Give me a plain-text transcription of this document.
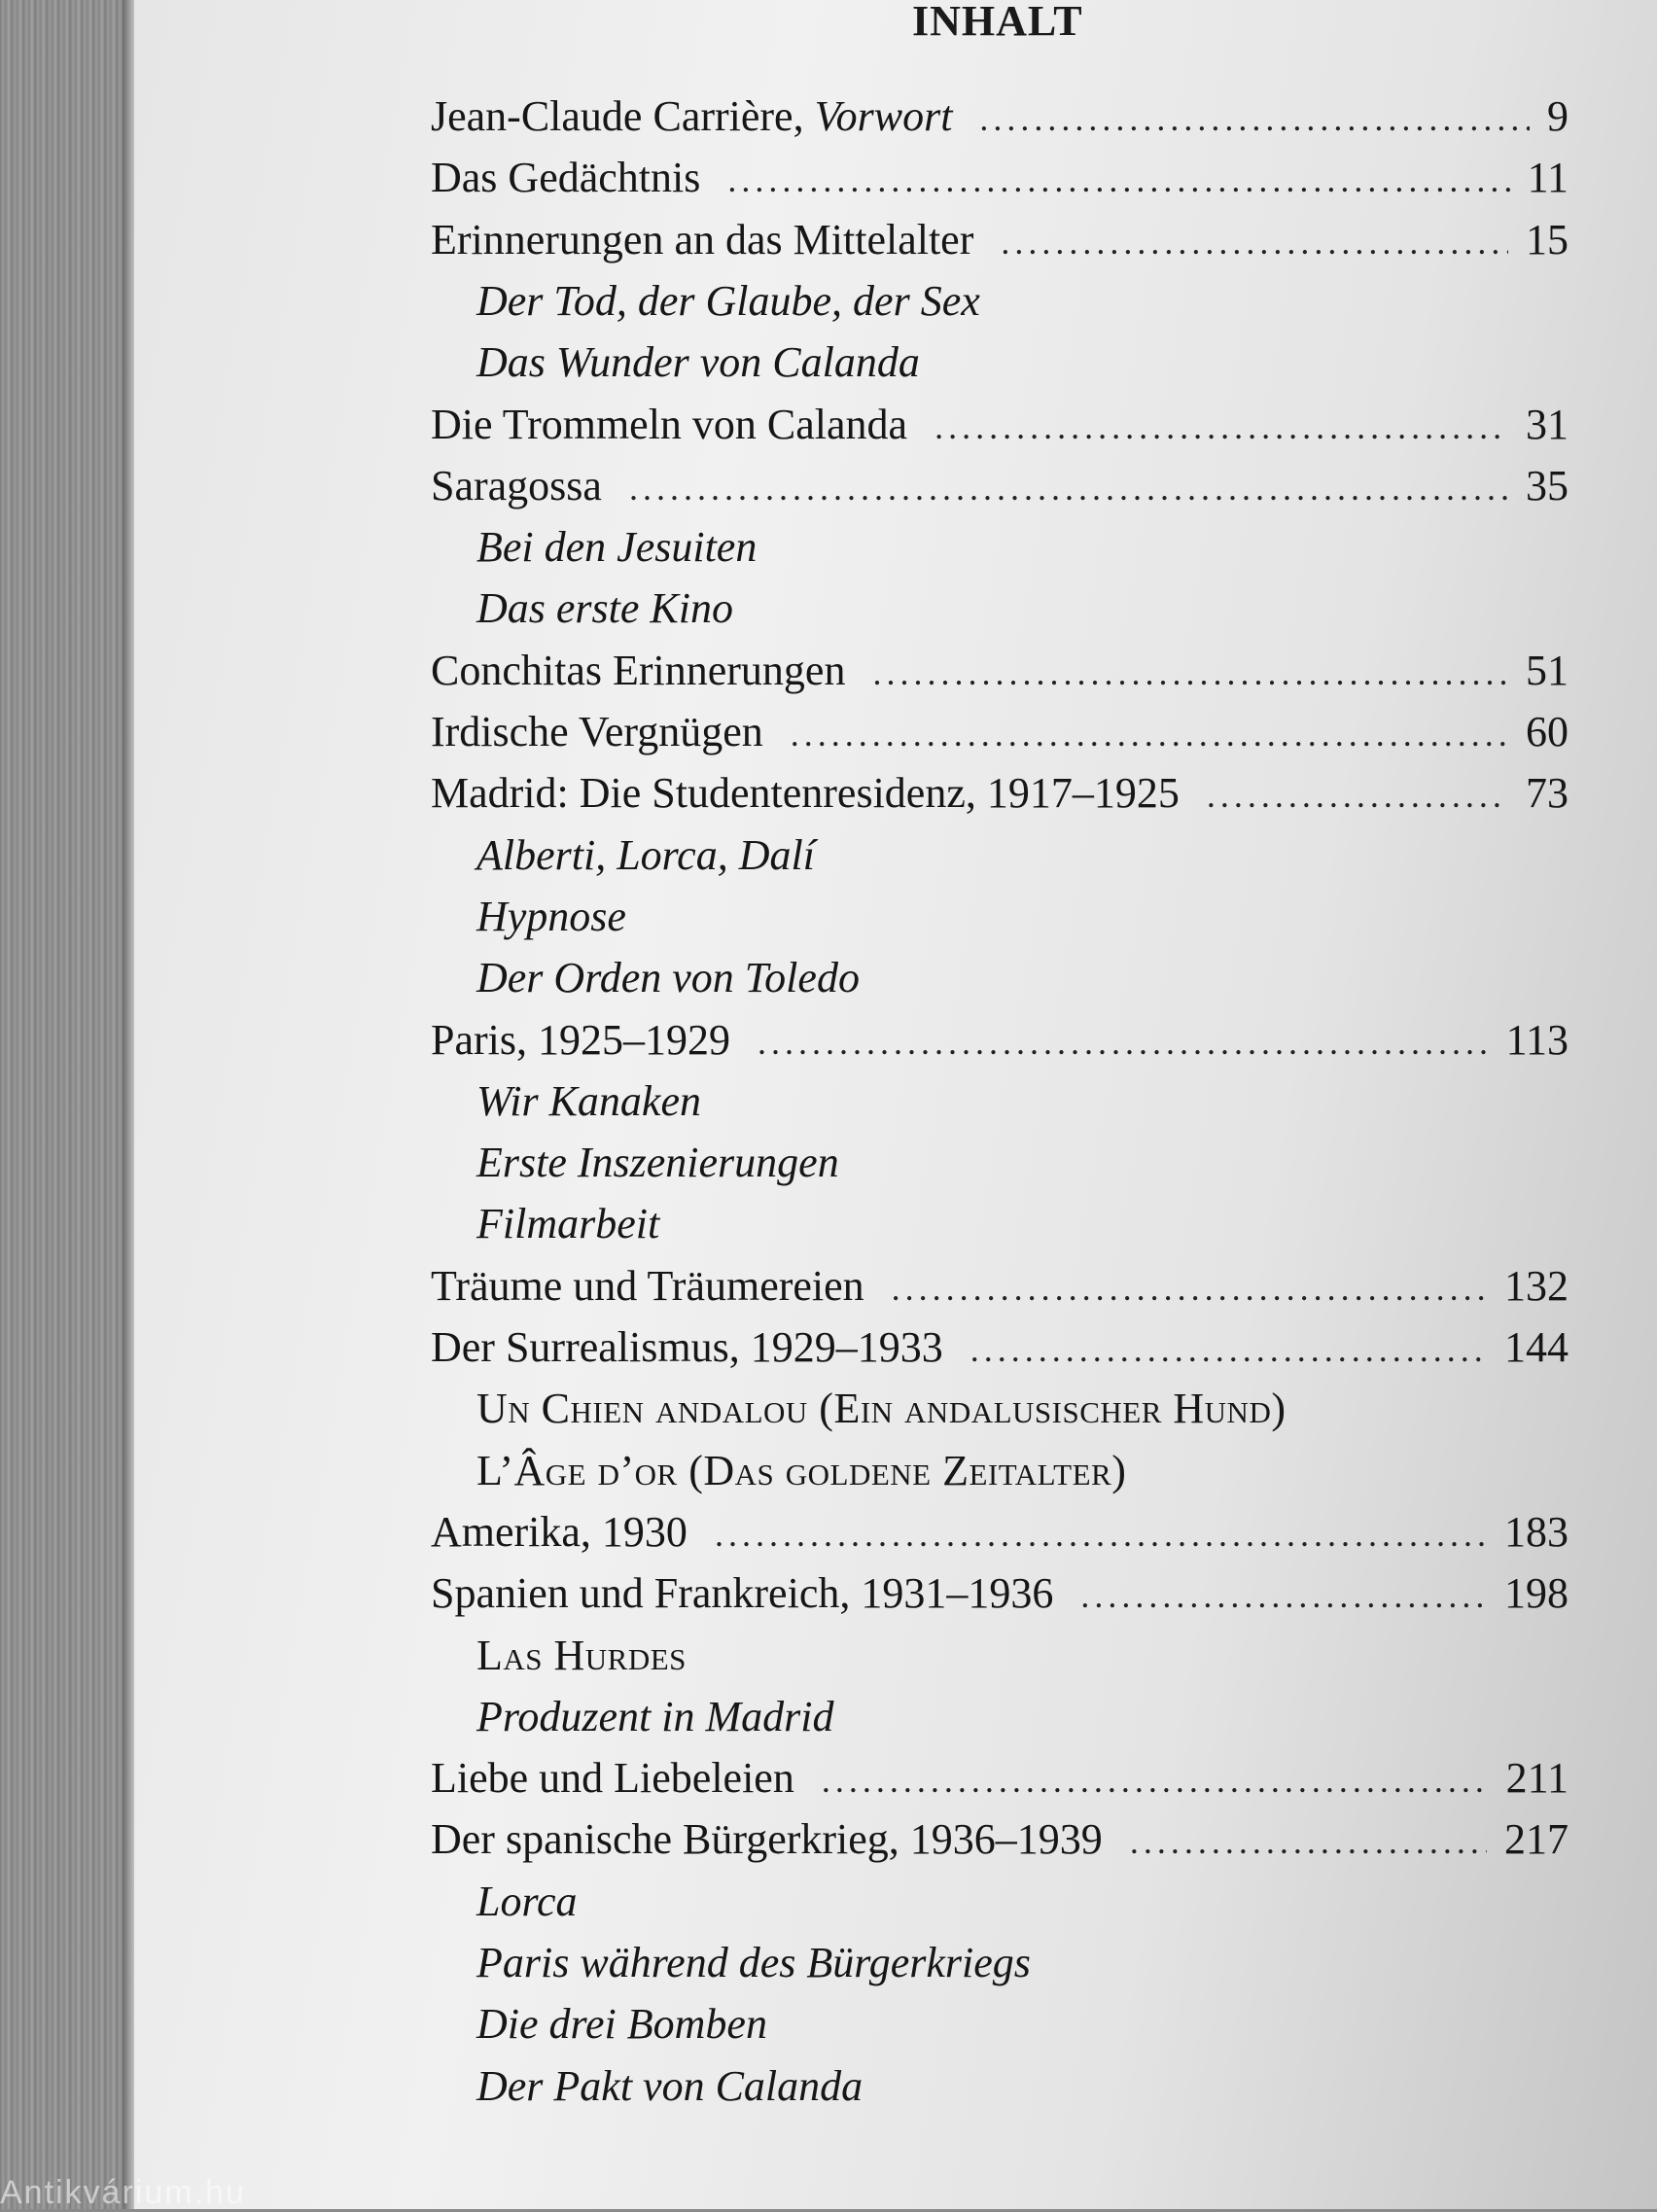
INHALT
Jean-Claude Carrière, Vorwort . . .	9
Das Gedächtnis . . .	11
Erinnerungen an das Mittelalter . . .	15
Der Tod, der Glaube, der Sex
Das Wunder von Calanda
Die Trommeln von Calanda . . .	31
Saragossa . . .	35
Bei den Jesuiten
Das erste Kino
Conchitas Erinnerungen . . .	51
Irdische Vergnügen . . .	60
Madrid: Die Studentenresidenz, 1917–1925 . . .	73
Alberti, Lorca, Dalí
Hypnose
Der Orden von Toledo
Paris, 1925–1929 . . .	113
Wir Kanaken
Erste Inszenierungen
Filmarbeit
Träume und Träumereien . . .	132
Der Surrealismus, 1929–1933 . . .	144
Un Chien andalou (Ein andalusischer Hund)
L’Âge d’or (Das goldene Zeitalter)
Amerika, 1930 . . .	183
Spanien und Frankreich, 1931–1936 . . .	198
Las Hurdes
Produzent in Madrid
Liebe und Liebeleien . . .	211
Der spanische Bürgerkrieg, 1936–1939 . . .	217
Lorca
Paris während des Bürgerkriegs
Die drei Bomben
Der Pakt von Calanda
Antikvárium.hu
